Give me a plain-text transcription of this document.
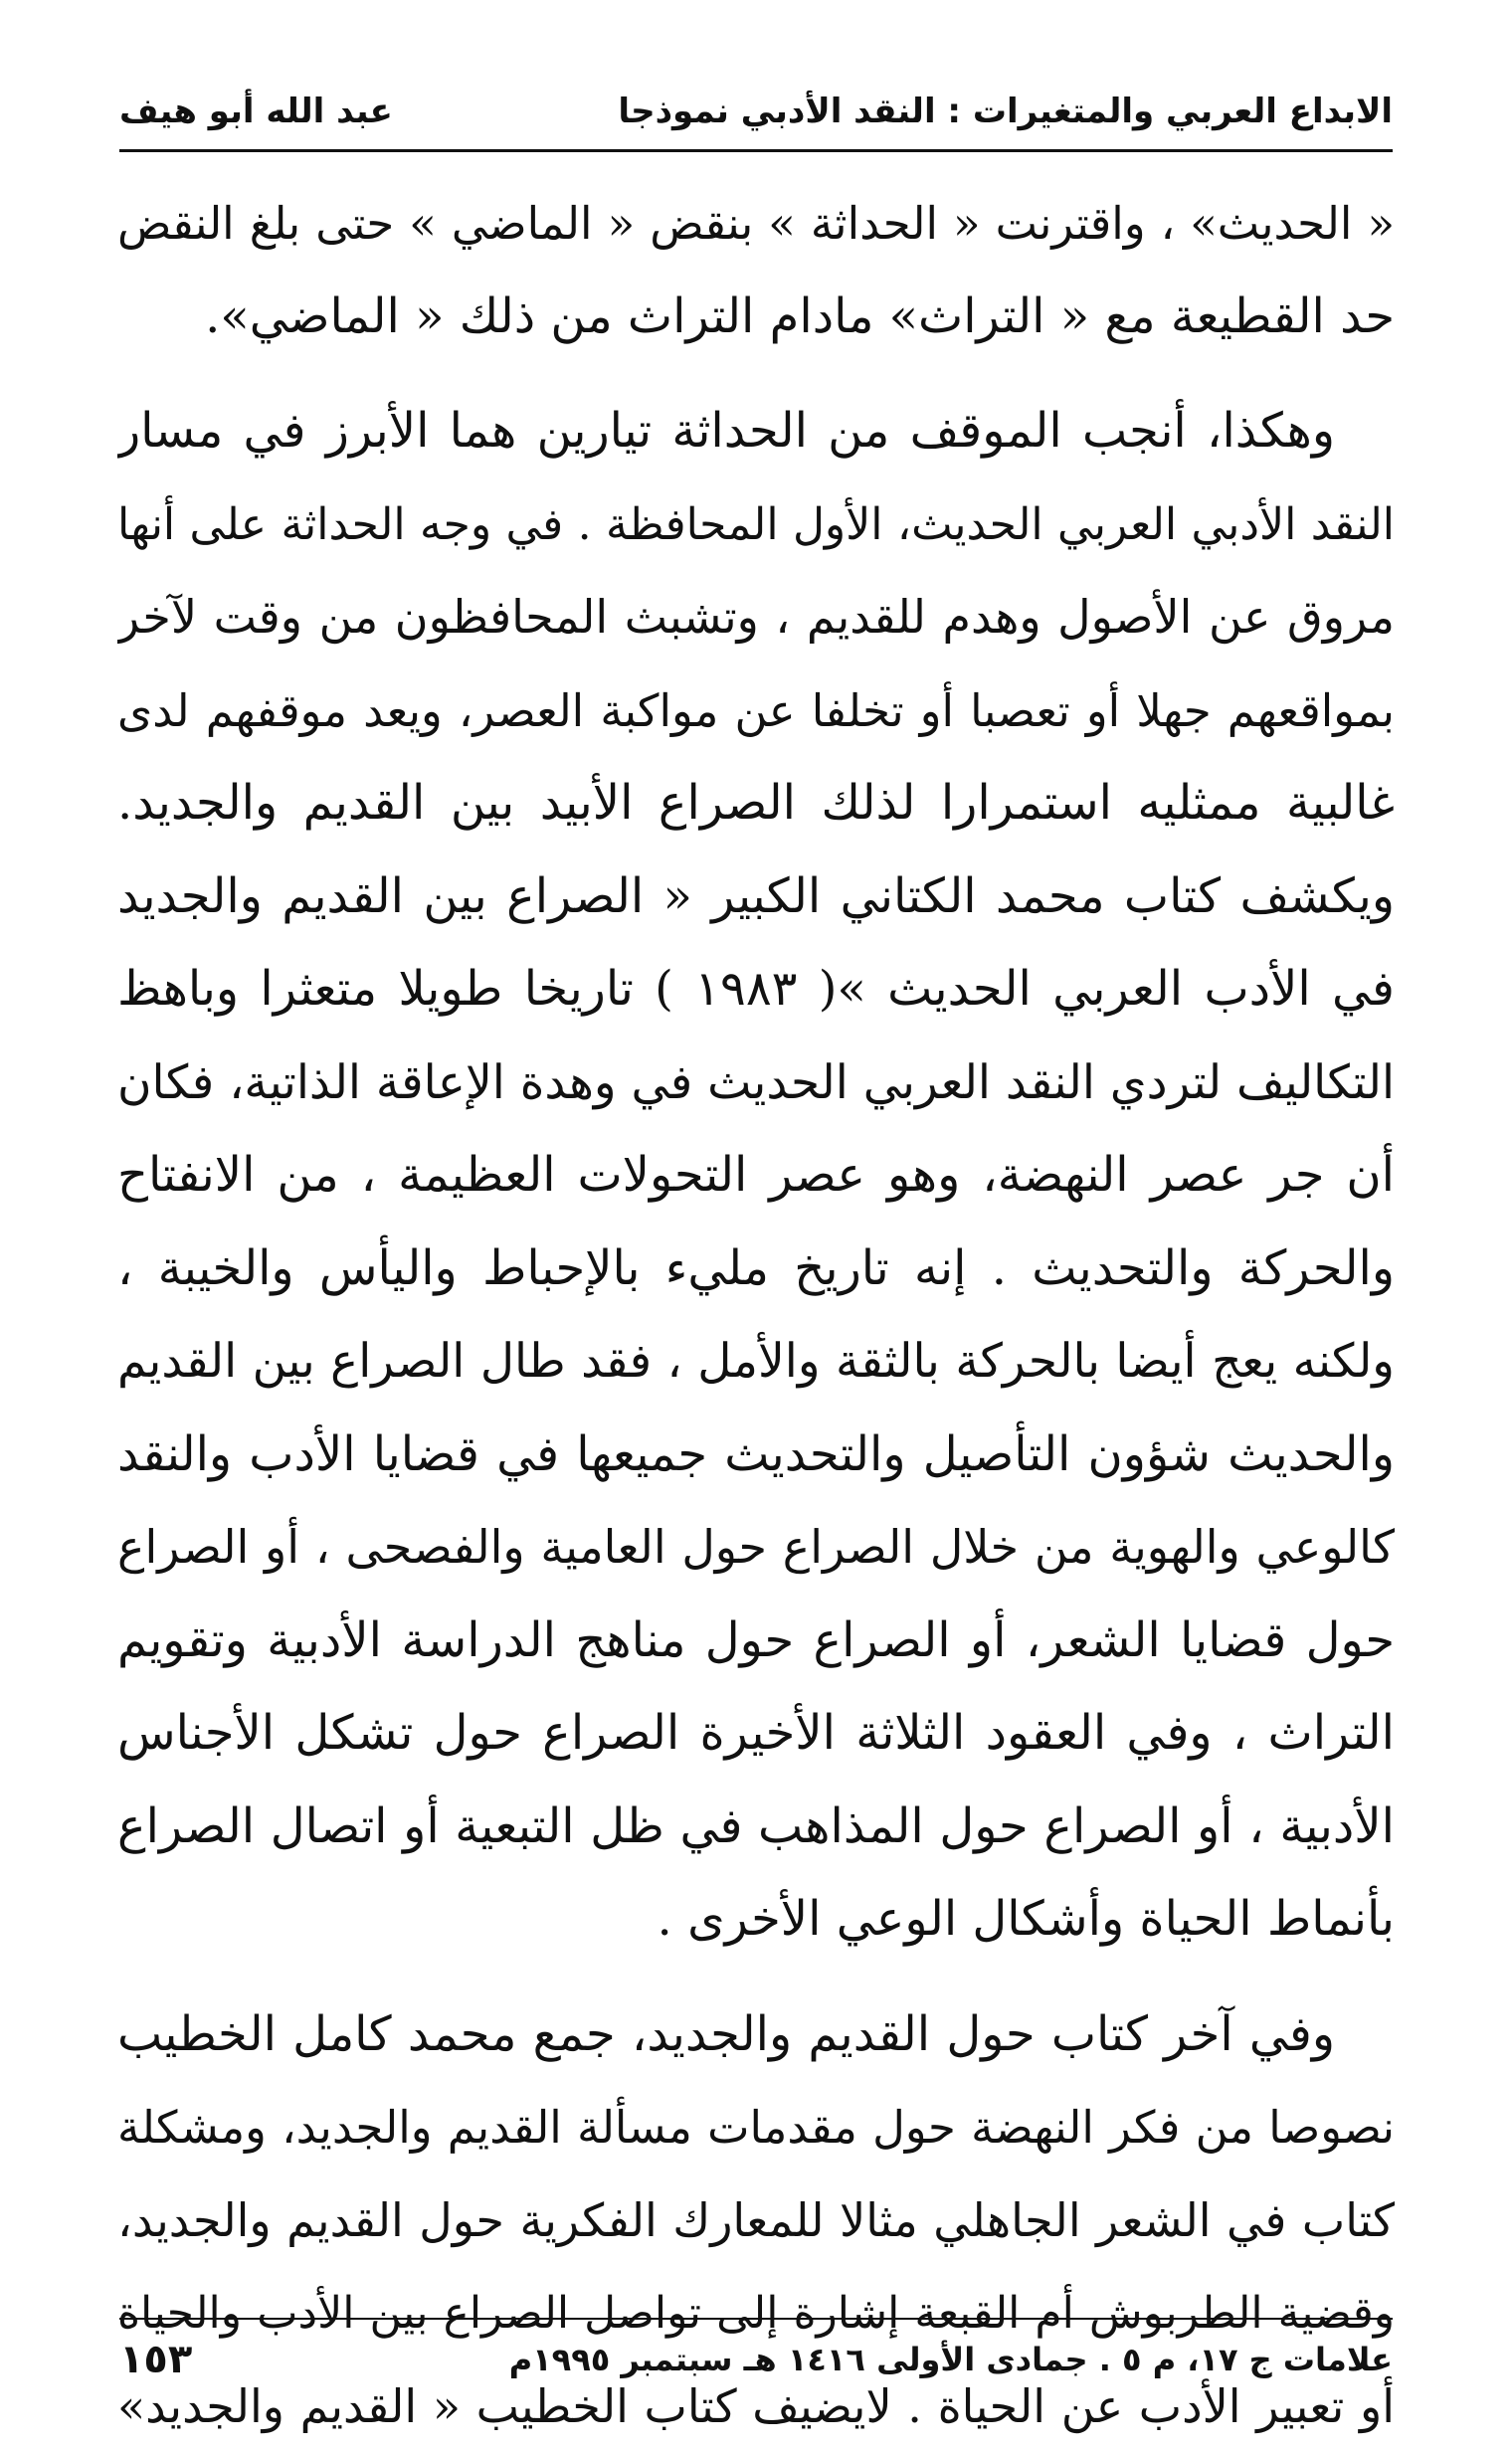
الابداع العربي والمتغيرات : النقد الأدبي نموذجا
عبد الله أبو هيف
« الحديث» ، واقترنت « الحداثة » بنقض « الماضي » حتى بلغ النقض
حد القطيعة مع « التراث» مادام التراث من ذلك « الماضي».
وهكذا، أنجب الموقف من الحداثة تيارين هما الأبرز في مسار
النقد الأدبي العربي الحديث، الأول المحافظة . في وجه الحداثة على أنها
مروق عن الأصول وهدم للقديم ، وتشبث المحافظون من وقت لآخر
بمواقعهم جهلا أو تعصبا أو تخلفا عن مواكبة العصر، ويعد موقفهم لدى
غالبية ممثليه استمرارا لذلك الصراع الأبيد بين القديم والجديد.
ويكشف كتاب محمد الكتاني الكبير « الصراع بين القديم والجديد
في الأدب العربي الحديث »( ١٩٨٣ ) تاريخا طويلا متعثرا وباهظ
التكاليف لتردي النقد العربي الحديث في وهدة الإعاقة الذاتية، فكان
أن جر عصر النهضة، وهو عصر التحولات العظيمة ، من الانفتاح
والحركة والتحديث . إنه تاريخ مليء بالإحباط واليأس والخيبة ،
ولكنه يعج أيضا بالحركة بالثقة والأمل ، فقد طال الصراع بين القديم
والحديث شؤون التأصيل والتحديث جميعها في قضايا الأدب والنقد
كالوعي والهوية من خلال الصراع حول العامية والفصحى ، أو الصراع
حول قضايا الشعر، أو الصراع حول مناهج الدراسة الأدبية وتقويم
التراث ، وفي العقود الثلاثة الأخيرة الصراع حول تشكل الأجناس
الأدبية ، أو الصراع حول المذاهب في ظل التبعية أو اتصال الصراع
بأنماط الحياة وأشكال الوعي الأخرى .
وفي آخر كتاب حول القديم والجديد، جمع محمد كامل الخطيب
نصوصا من فكر النهضة حول مقدمات مسألة القديم والجديد، ومشكلة
كتاب في الشعر الجاهلي مثالا للمعارك الفكرية حول القديم والجديد،
وقضية الطربوش أم القبعة إشارة إلى تواصل الصراع بين الأدب والحياة
أو تعبير الأدب عن الحياة . لايضيف كتاب الخطيب « القديم والجديد»
علامات ج ١٧، م ٥ . جمادى الأولى ١٤١٦ هـ سبتمبر ١٩٩٥م
١٥٣
